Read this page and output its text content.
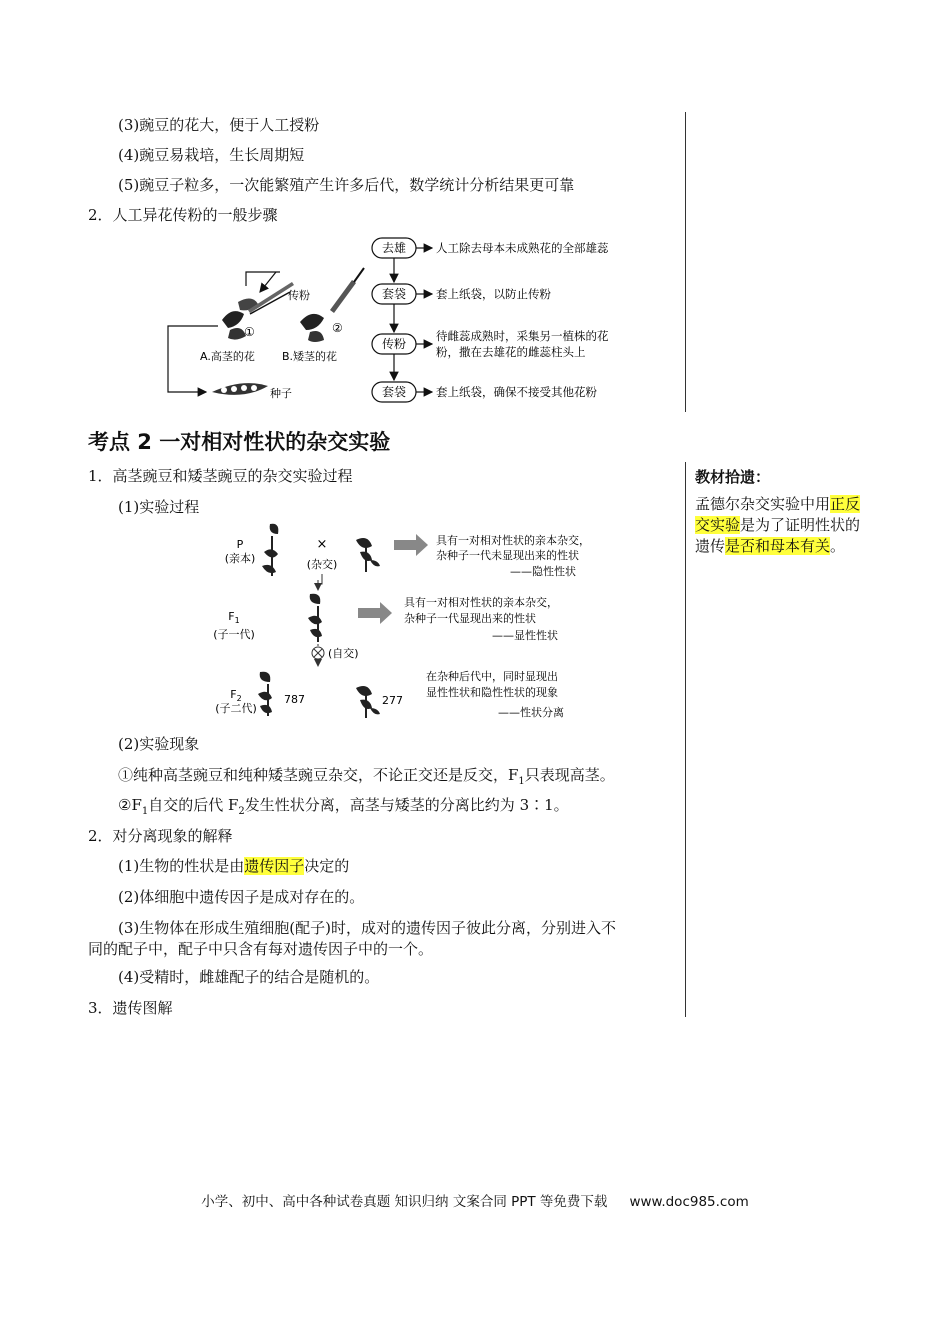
(3)豌豆的花大，便于人工授粉
(4)豌豆易栽培，生长周期短
(5)豌豆子粒多，一次能繁殖产生许多后代，数学统计分析结果更可靠
2．人工异花传粉的一般步骤
传粉
①	②
A.高茎的花 B.矮茎的花
种子
去雄	人工除去母本未成熟花的全部雄蕊
套袋	套上纸袋，以防止传粉
传粉
待雌蕊成熟时，采集另一植株的花
粉，撒在去雄花的雌蕊柱头上
套袋	套上纸袋，确保不接受其他花粉
考点 2 一对相对性状的杂交实验
教材拾遗：
孟德尔杂交实验中用正反交实验是为了证明性状的遗传是否和母本有关。
1．高茎豌豆和矮茎豌豆的杂交实验过程
(1)实验过程
P
(亲本)
×
(杂交)
具有一对相对性状的亲本杂交，
杂种子一代未显现出来的性状
——隐性性状
$F_1$
(子一代)
具有一对相对性状的亲本杂交，
杂种子一代显现出来的性状
——显性性状
(自交)
$F_2$
(子二代)
787	277
在杂种后代中，同时显现出
显性性状和隐性性状的现象
——性状分离
(2)实验现象
①纯种高茎豌豆和纯种矮茎豌豆杂交，不论正交还是反交，$F_1$只表现高茎。
$②F_1$自交的后代 $F_2$发生性状分离，高茎与矮茎的分离比约为 3∶1。
2．对分离现象的解释
(1)生物的性状是由遗传因子决定的
(2)体细胞中遗传因子是成对存在的。
(3)生物体在形成生殖细胞(配子)时，成对的遗传因子彼此分离，分别进入不
同的配子中，配子中只含有每对遗传因子中的一个。
(4)受精时，雌雄配子的结合是随机的。
3．遗传图解
小学、初中、高中各种试卷真题 知识归纳 文案合同 PPT 等免费下载 www.doc985.com
